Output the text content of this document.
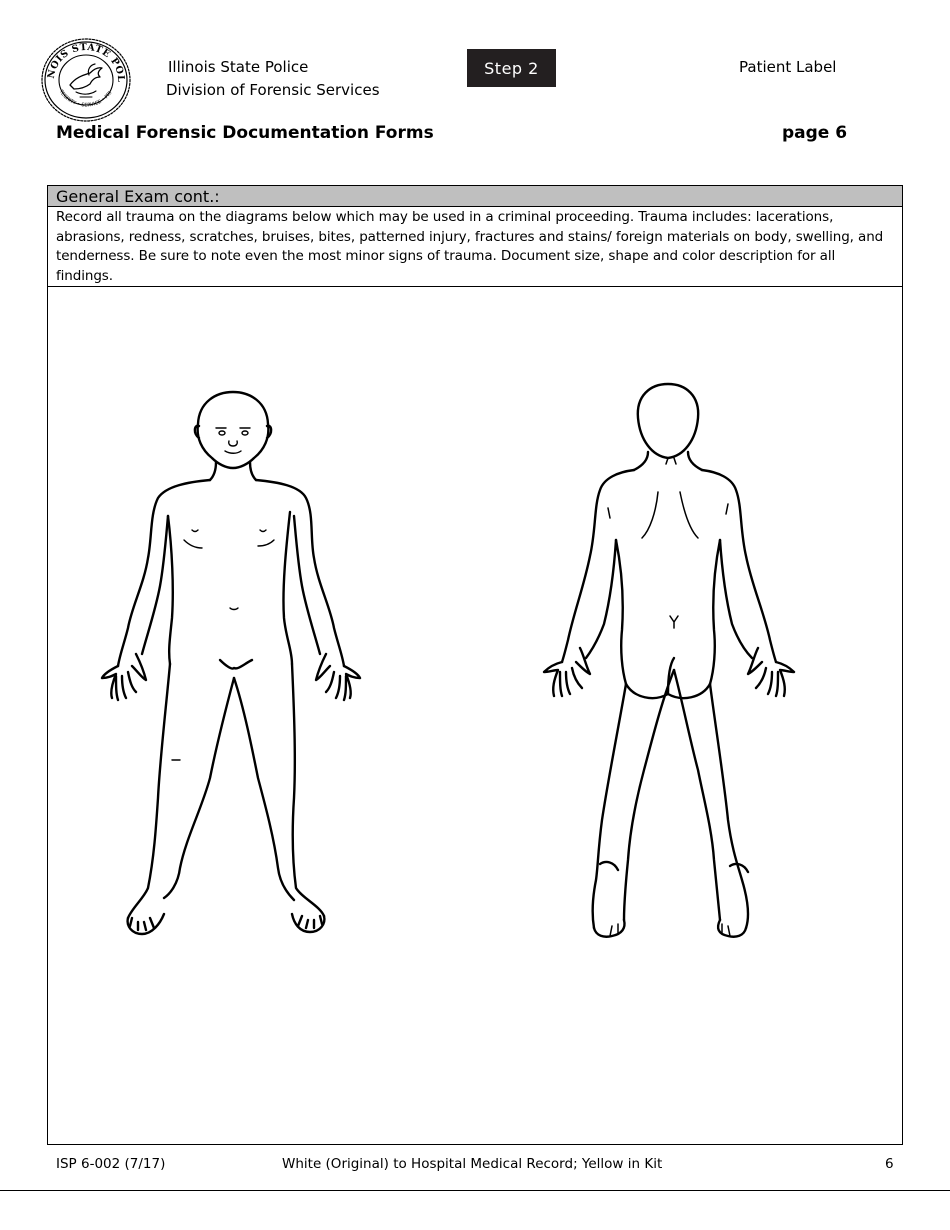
NOIS STATE POL
TEGRITY • SERVICE • PRI
Illinois State Police
Division of Forensic Services
Step 2	Patient Label
Medical Forensic Documentation Forms	page 6
General Exam cont.:
Record all trauma on the diagrams below which may be used in a criminal proceeding. Trauma includes: lacerations, abrasions, redness, scratches, bruises, bites, patterned injury, fractures and stains/ foreign materials on body, swelling, and tenderness. Be sure to note even the most minor signs of trauma. Document size, shape and color description for all findings.
ISP 6-002 (7/17)	White (Original) to Hospital Medical Record; Yellow in Kit	6
